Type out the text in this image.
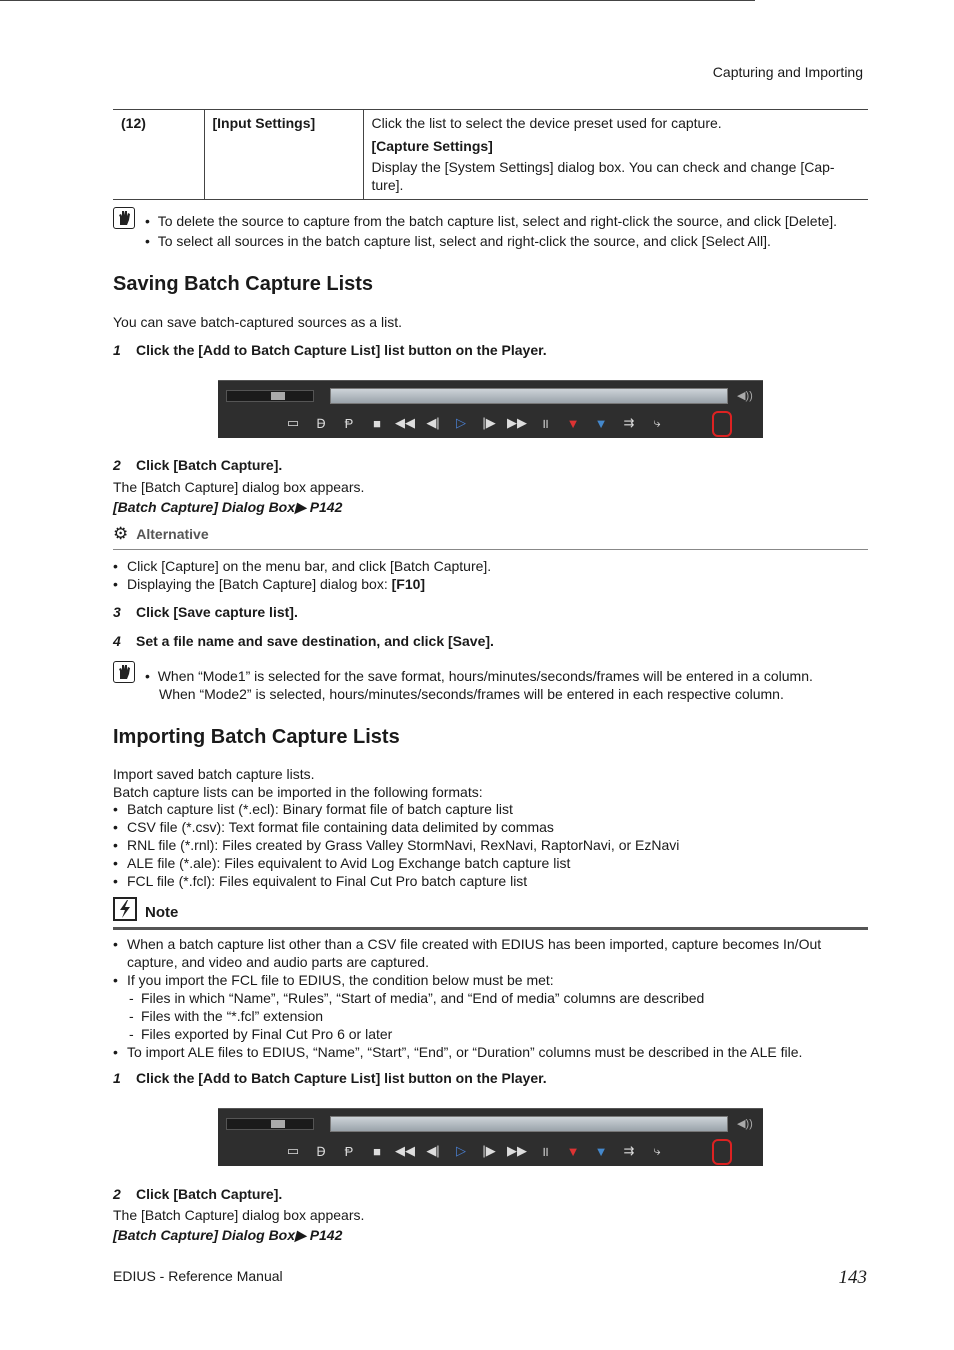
Capturing and Importing
(12)	[Input Settings]	Click the list to select the device preset used for capture.
[Capture Settings]
Display the [System Settings] dialog box. You can check and change [Cap-ture].
•  To delete the source to capture from the batch capture list, select and right-click the source, and click [Delete].
•  To select all sources in the batch capture list, select and right-click the source, and click [Select All].
Saving Batch Capture Lists
You can save batch-captured sources as a list.
1 Click the [Add to Batch Capture List] list button on the Player.
◀))
▭	Ꟈ	Ᵽ	■	◀◀ ◀|	▷	|▶ ▶▶	॥	▼	▼	⇉	⤷
2 Click [Batch Capture].
The [Batch Capture] dialog box appears.
[Batch Capture] Dialog Box▶ P142
⚙ Alternative
• Click [Capture] on the menu bar, and click [Batch Capture].
• Displaying the [Batch Capture] dialog box: [F10]
3 Click [Save capture list].
4 Set a file name and save destination, and click [Save].
•  When “Mode1” is selected for the save format, hours/minutes/seconds/frames will be entered in a column.
When “Mode2” is selected, hours/minutes/seconds/frames will be entered in each respective column.
Importing Batch Capture Lists
Import saved batch capture lists.
Batch capture lists can be imported in the following formats:
• Batch capture list (*.ecl): Binary format file of batch capture list
• CSV file (*.csv): Text format file containing data delimited by commas
• RNL file (*.rnl): Files created by Grass Valley StormNavi, RexNavi, RaptorNavi, or EzNavi
• ALE file (*.ale): Files equivalent to Avid Log Exchange batch capture list
• FCL file (*.fcl): Files equivalent to Final Cut Pro batch capture list
Note
• When a batch capture list other than a CSV file created with EDIUS has been imported, capture becomes In/Out capture, and video and audio parts are captured.
• If you import the FCL file to EDIUS, the condition below must be met:
- Files in which “Name”, “Rules”, “Start of media”, and “End of media” columns are described
- Files with the “*.fcl” extension
- Files exported by Final Cut Pro 6 or later
• To import ALE files to EDIUS, “Name”, “Start”, “End”, or “Duration” columns must be described in the ALE file.
1 Click the [Add to Batch Capture List] list button on the Player.
◀))
▭	Ꟈ	Ᵽ	■	◀◀ ◀|	▷	|▶ ▶▶	॥	▼	▼	⇉	⤷
2 Click [Batch Capture].
The [Batch Capture] dialog box appears.
[Batch Capture] Dialog Box▶ P142
EDIUS - Reference Manual	143
